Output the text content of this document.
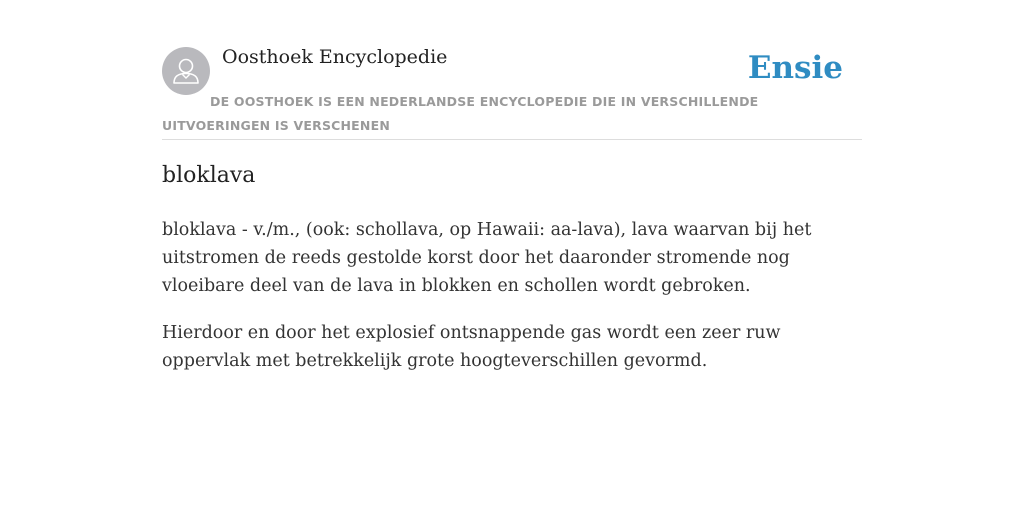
Oosthoek Encyclopedie	Ensie
DE OOSTHOEK IS EEN NEDERLANDSE ENCYCLOPEDIE DIE IN VERSCHILLENDE UITVOERINGEN IS VERSCHENEN
bloklava

bloklava - v./m., (ook: schollava, op Hawaii: aa-lava), lava waarvan bij het uitstromen de reeds gestolde korst door het daaronder stromende nog vloeibare deel van de lava in blokken en schollen wordt gebroken.

Hierdoor en door het explosief ontsnappende gas wordt een zeer ruw oppervlak met betrekkelijk grote hoogteverschillen gevormd.
